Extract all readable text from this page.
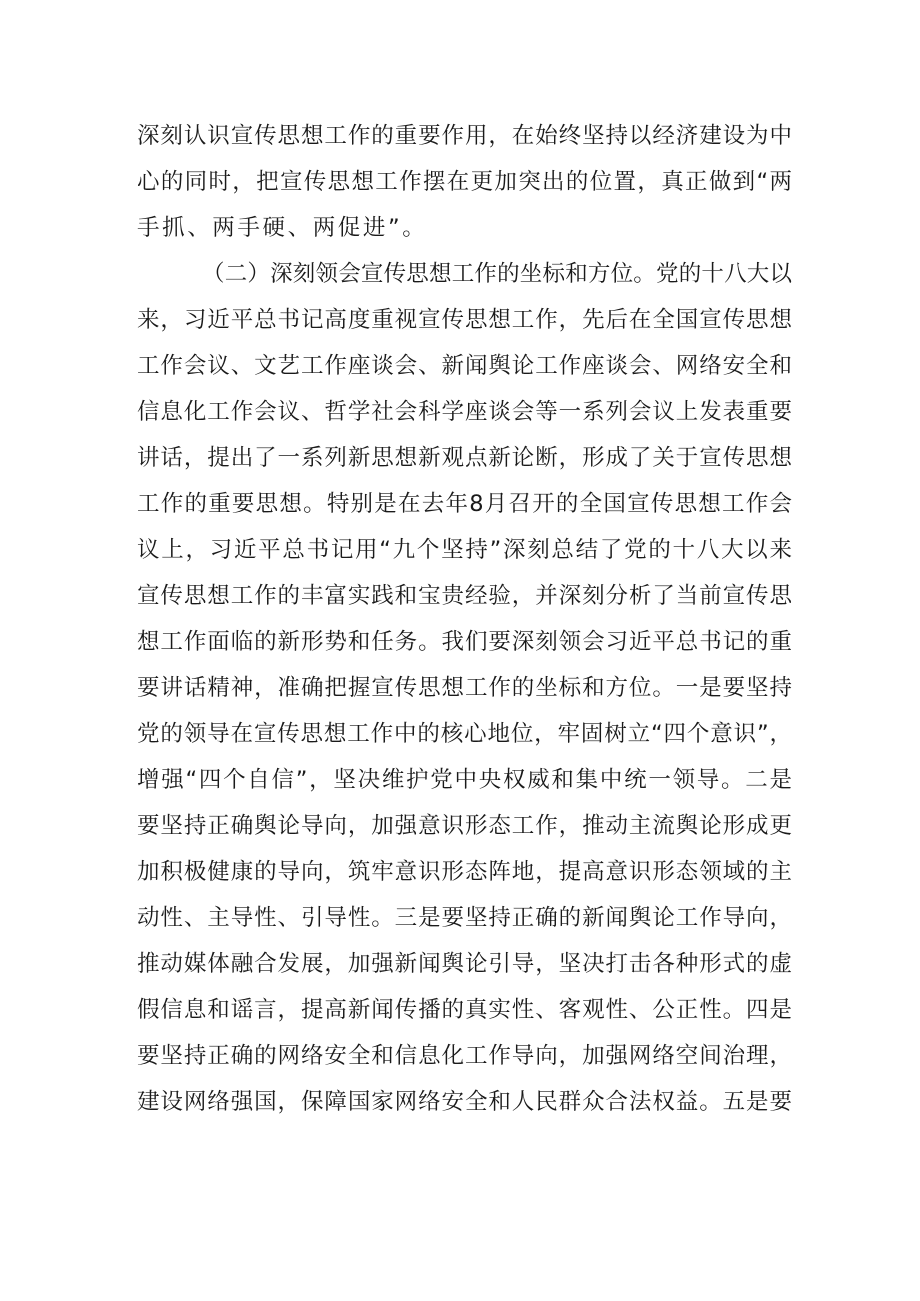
深刻认识宣传思想工作的重要作用，在始终坚持以经济建设为中
心的同时，把宣传思想工作摆在更加突出的位置，真正做到“两
手抓、两手硬、两促进”。
（二）深刻领会宣传思想工作的坐标和方位。党的十八大以
来，习近平总书记高度重视宣传思想工作，先后在全国宣传思想
工作会议、文艺工作座谈会、新闻舆论工作座谈会、网络安全和
信息化工作会议、哲学社会科学座谈会等一系列会议上发表重要
讲话，提出了一系列新思想新观点新论断，形成了关于宣传思想
工作的重要思想。特别是在去年8月召开的全国宣传思想工作会
议上，习近平总书记用“九个坚持”深刻总结了党的十八大以来
宣传思想工作的丰富实践和宝贵经验，并深刻分析了当前宣传思
想工作面临的新形势和任务。我们要深刻领会习近平总书记的重
要讲话精神，准确把握宣传思想工作的坐标和方位。一是要坚持
党的领导在宣传思想工作中的核心地位，牢固树立“四个意识”，
增强“四个自信”，坚决维护党中央权威和集中统一领导。二是
要坚持正确舆论导向，加强意识形态工作，推动主流舆论形成更
加积极健康的导向，筑牢意识形态阵地，提高意识形态领域的主
动性、主导性、引导性。三是要坚持正确的新闻舆论工作导向，
推动媒体融合发展，加强新闻舆论引导，坚决打击各种形式的虚
假信息和谣言，提高新闻传播的真实性、客观性、公正性。四是
要坚持正确的网络安全和信息化工作导向，加强网络空间治理，
建设网络强国，保障国家网络安全和人民群众合法权益。五是要
